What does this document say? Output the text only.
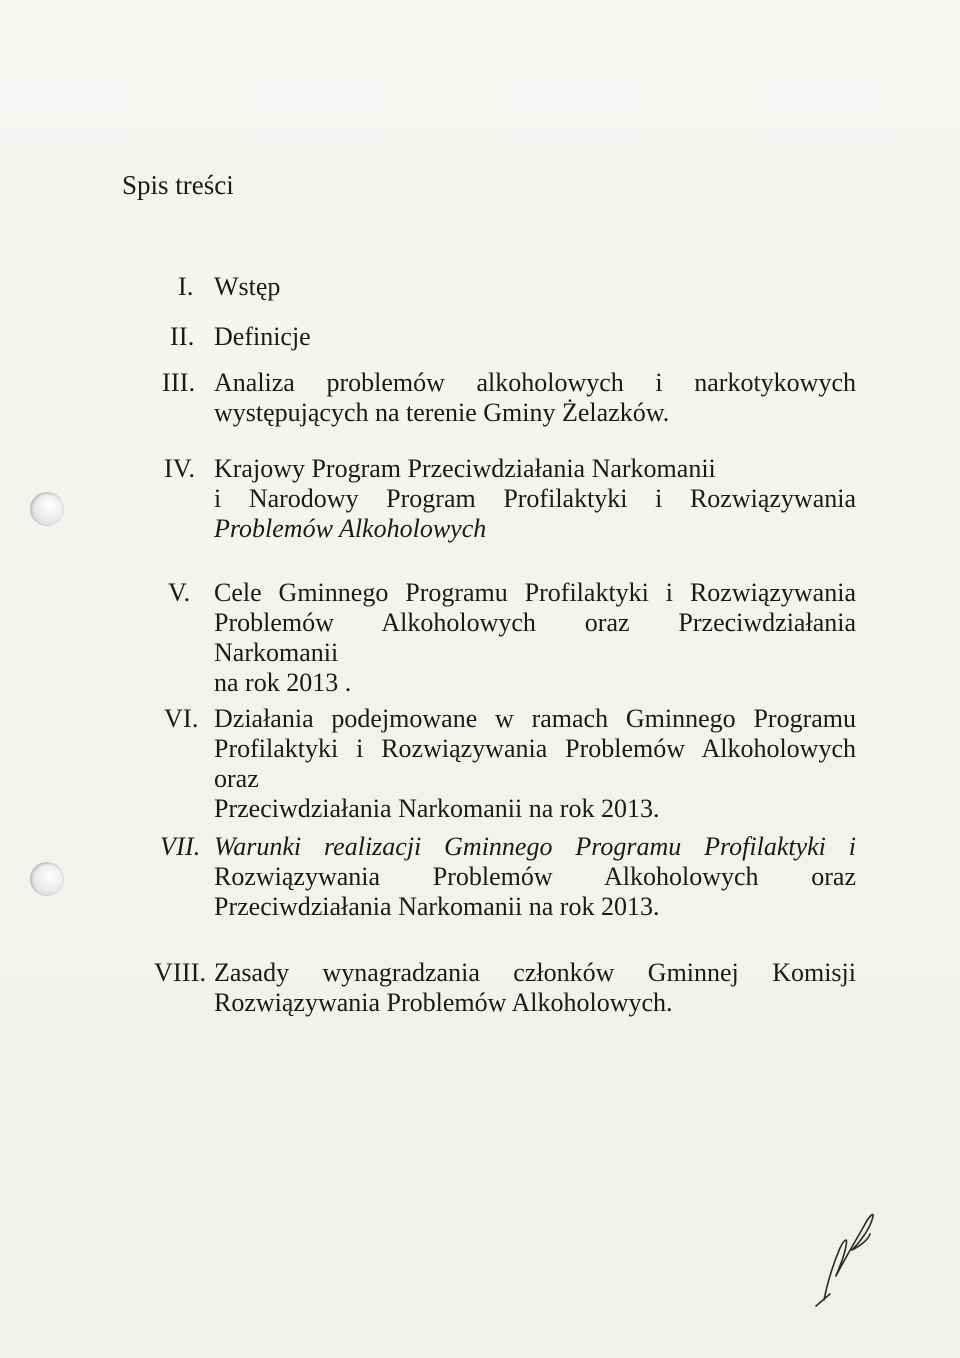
Spis treści
I. Wstęp
II. Definicje
III. Analiza problemów alkoholowych i narkotykowych
występujących na terenie Gminy Żelazków.
IV. Krajowy Program Przeciwdziałania Narkomanii
i Narodowy Program Profilaktyki i Rozwiązywania
Problemów Alkoholowych
V. Cele Gminnego Programu Profilaktyki i Rozwiązywania
Problemów Alkoholowych oraz Przeciwdziałania Narkomanii
na rok 2013 .
VI. Działania podejmowane w ramach Gminnego Programu
Profilaktyki i Rozwiązywania Problemów Alkoholowych oraz
Przeciwdziałania Narkomanii na rok 2013.
VII. Warunki realizacji Gminnego Programu Profilaktyki i
Rozwiązywania Problemów Alkoholowych oraz
Przeciwdziałania Narkomanii na rok 2013.
VIII. Zasady wynagradzania członków Gminnej Komisji
Rozwiązywania Problemów Alkoholowych.
